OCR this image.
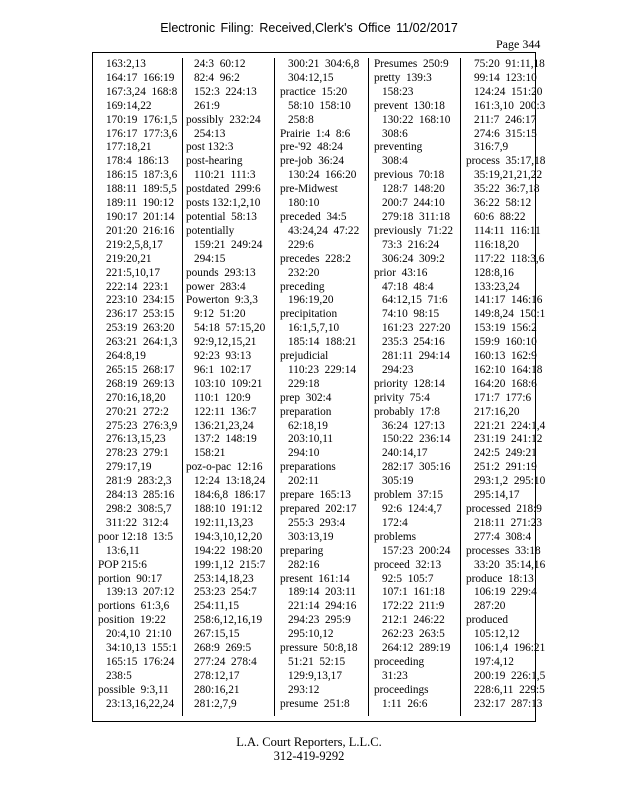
Electronic Filing: Received,Clerk's Office 11/02/2017
Page 344
163:2,13
164:17  166:19
167:3,24  168:8
169:14,22
170:19  176:1,5
176:17  177:3,6
177:18,21
178:4  186:13
186:15  187:3,6
188:11  189:5,5
189:11  190:12
190:17  201:14
201:20  216:16
219:2,5,8,17
219:20,21
221:5,10,17
222:14  223:1
223:10  234:15
236:17  253:15
253:19  263:20
263:21  264:1,3
264:8,19
265:15  268:17
268:19  269:13
270:16,18,20
270:21  272:2
275:23  276:3,9
276:13,15,23
278:23  279:1
279:17,19
281:9  283:2,3
284:13  285:16
298:2  308:5,7
311:22  312:4
poor 12:18  13:5
13:6,11
POP 215:6
portion  90:17
139:13  207:12
portions  61:3,6
position  19:22
20:4,10  21:10
34:10,13  155:1
165:15  176:24
238:5
possible  9:3,11
23:13,16,22,24
24:3  60:12
82:4  96:2
152:3  224:13
261:9
possibly  232:24
254:13
post 132:3
post-hearing
110:21  111:3
postdated  299:6
posts 132:1,2,10
potential  58:13
potentially
159:21  249:24
294:15
pounds  293:13
power  283:4
Powerton  9:3,3
9:12  51:20
54:18  57:15,20
92:9,12,15,21
92:23  93:13
96:1  102:17
103:10  109:21
110:1  120:9
122:11  136:7
136:21,23,24
137:2  148:19
158:21
poz-o-pac  12:16
12:24  13:18,24
184:6,8  186:17
188:10  191:12
192:11,13,23
194:3,10,12,20
194:22  198:20
199:1,12  215:7
253:14,18,23
253:23  254:7
254:11,15
258:6,12,16,19
267:15,15
268:9  269:5
277:24  278:4
278:12,17
280:16,21
281:2,7,9
300:21  304:6,8
304:12,15
practice  15:20
58:10  158:10
258:8
Prairie  1:4  8:6
pre-'92  48:24
pre-job  36:24
130:24  166:20
pre-Midwest
180:10
preceded  34:5
43:24,24  47:22
229:6
precedes  228:2
232:20
preceding
196:19,20
precipitation
16:1,5,7,10
185:14  188:21
prejudicial
110:23  229:14
229:18
prep  302:4
preparation
62:18,19
203:10,11
294:10
preparations
202:11
prepare  165:13
prepared  202:17
255:3  293:4
303:13,19
preparing
282:16
present  161:14
189:14  203:11
221:14  294:16
294:23  295:9
295:10,12
pressure  50:8,18
51:21  52:15
129:9,13,17
293:12
presume  251:8
Presumes  250:9
pretty  139:3
158:23
prevent  130:18
130:22  168:10
308:6
preventing
308:4
previous  70:18
128:7  148:20
200:7  244:10
279:18  311:18
previously  71:22
73:3  216:24
306:24  309:2
prior  43:16
47:18  48:4
64:12,15  71:6
74:10  98:15
161:23  227:20
235:3  254:16
281:11  294:14
294:23
priority  128:14
privity  75:4
probably  17:8
36:24  127:13
150:22  236:14
240:14,17
282:17  305:16
305:19
problem  37:15
92:6  124:4,7
172:4
problems
157:23  200:24
proceed  32:13
92:5  105:7
107:1  161:18
172:22  211:9
212:1  246:22
262:23  263:5
264:12  289:19
proceeding
31:23
proceedings
1:11  26:6
75:20  91:11,18
99:14  123:10
124:24  151:20
161:3,10  200:3
211:7  246:17
274:6  315:15
316:7,9
process  35:17,18
35:19,21,21,22
35:22  36:7,18
36:22  58:12
60:6  88:22
114:11  116:11
116:18,20
117:22  118:3,6
128:8,16
133:23,24
141:17  146:16
149:8,24  150:1
153:19  156:2
159:9  160:10
160:13  162:9
162:10  164:18
164:20  168:6
171:7  177:6
217:16,20
221:21  224:1,4
231:19  241:12
242:5  249:21
251:2  291:19
293:1,2  295:10
295:14,17
processed  218:9
218:11  271:23
277:4  308:4
processes  33:18
33:20  35:14,16
produce  18:13
106:19  229:4
287:20
produced
105:12,12
106:1,4  196:21
197:4,12
200:19  226:1,5
228:6,11  229:5
232:17  287:13
L.A. Court Reporters, L.L.C.
312-419-9292
